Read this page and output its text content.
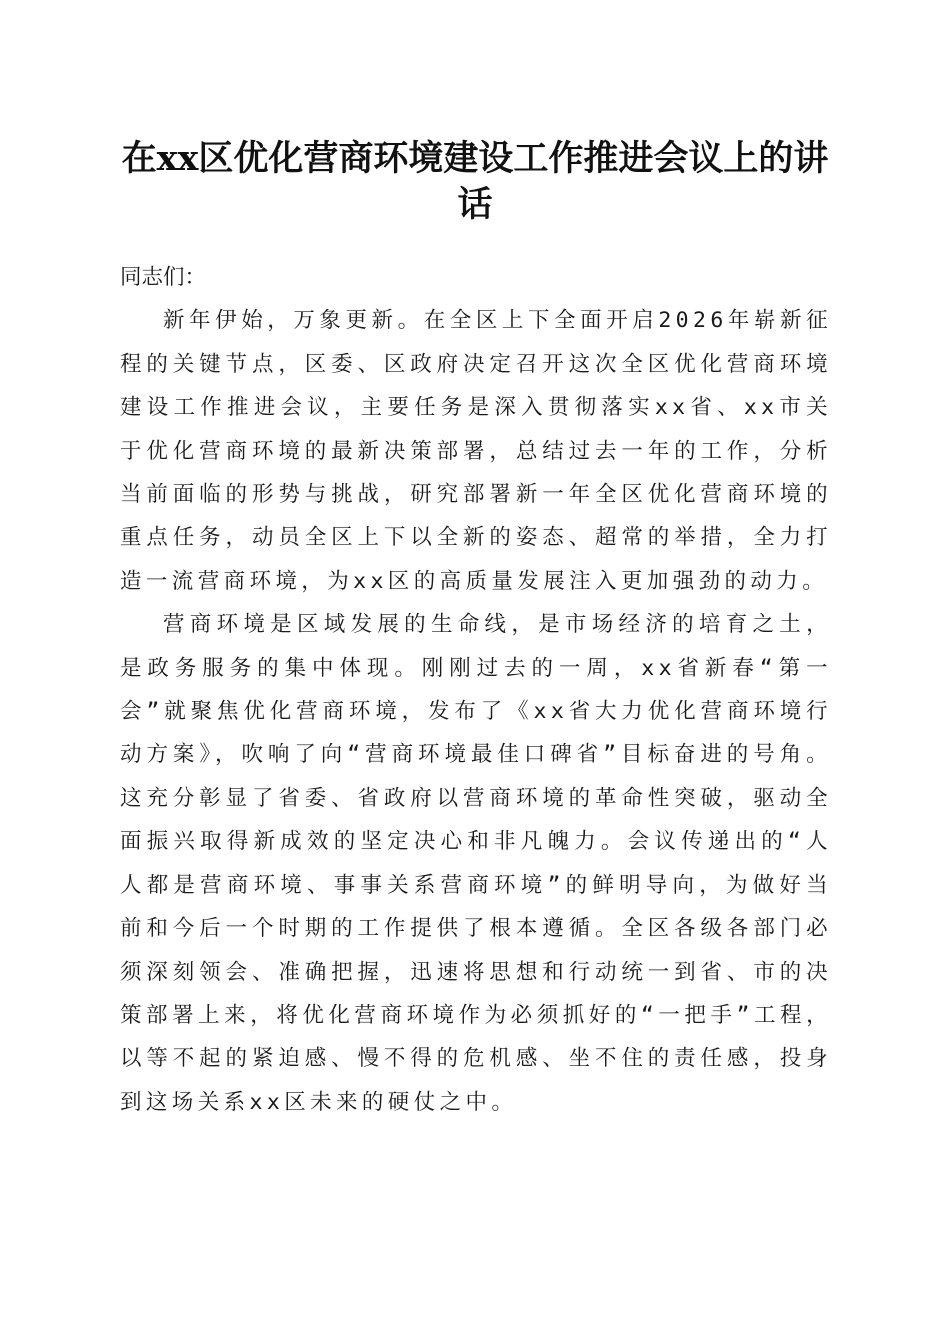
在xx区优化营商环境建设工作推进会议上的讲话

同志们：

新年伊始，万象更新。在全区上下全面开启2026年崭新征程的关键节点，区委、区政府决定召开这次全区优化营商环境建设工作推进会议，主要任务是深入贯彻落实xx省、xx市关于优化营商环境的最新决策部署，总结过去一年的工作，分析当前面临的形势与挑战，研究部署新一年全区优化营商环境的重点任务，动员全区上下以全新的姿态、超常的举措，全力打造一流营商环境，为xx区的高质量发展注入更加强劲的动力。

营商环境是区域发展的生命线，是市场经济的培育之土，是政务服务的集中体现。刚刚过去的一周，xx省新春“第一会”就聚焦优化营商环境，发布了《xx省大力优化营商环境行动方案》，吹响了向“营商环境最佳口碑省”目标奋进的号角。这充分彰显了省委、省政府以营商环境的革命性突破，驱动全面振兴取得新成效的坚定决心和非凡魄力。会议传递出的“人人都是营商环境、事事关系营商环境”的鲜明导向，为做好当前和今后一个时期的工作提供了根本遵循。全区各级各部门必须深刻领会、准确把握，迅速将思想和行动统一到省、市的决策部署上来，将优化营商环境作为必须抓好的“一把手”工程，以等不起的紧迫感、慢不得的危机感、坐不住的责任感，投身到这场关系xx区未来的硬仗之中。
